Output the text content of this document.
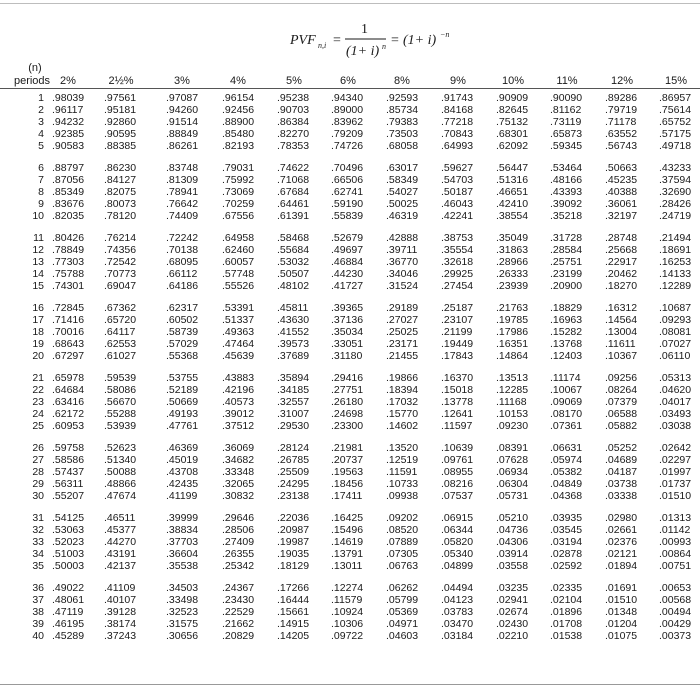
PVF n,i =
1
(1+ i) n = (1+ i) −n
(n)
periods 2%	2½%	3%	4%	5%	6%	8%	9%	10%	11%	12%	15%
1 .98039	.97561	.97087	.96154	.95238	.94340	.92593	.91743	.90909	.90090	.89286	.86957
2 .96117	.95181	.94260	.92456	.90703	.89000	.85734	.84168	.82645	.81162	.79719	.75614
3 .94232	.92860	.91514	.88900	.86384	.83962	.79383	.77218	.75132	.73119	.71178	.65752
4 .92385	.90595	.88849	.85480	.82270	.79209	.73503	.70843	.68301	.65873	.63552	.57175
5 .90583	.88385	.86261	.82193	.78353	.74726	.68058	.64993	.62092	.59345	.56743	.49718
6 .88797	.86230	.83748	.79031	.74622	.70496	.63017	.59627	.56447	.53464	.50663	.43233
7 .87056	.84127	.81309	.75992	.71068	.66506	.58349	.54703	.51316	.48166	.45235	.37594
8 .85349	.82075	.78941	.73069	.67684	.62741	.54027	.50187	.46651	.43393	.40388	.32690
9 .83676	.80073	.76642	.70259	.64461	.59190	.50025	.46043	.42410	.39092	.36061	.28426
10 .82035	.78120	.74409	.67556	.61391	.55839	.46319	.42241	.38554	.35218	.32197	.24719
11 .80426	.76214	.72242	.64958	.58468	.52679	.42888	.38753	.35049	.31728	.28748	.21494
12 .78849	.74356	.70138	.62460	.55684	.49697	.39711	.35554	.31863	.28584	.25668	.18691
13 .77303	.72542	.68095	.60057	.53032	.46884	.36770	.32618	.28966	.25751	.22917	.16253
14 .75788	.70773	.66112	.57748	.50507	.44230	.34046	.29925	.26333	.23199	.20462	.14133
15 .74301	.69047	.64186	.55526	.48102	.41727	.31524	.27454	.23939	.20900	.18270	.12289
16 .72845	.67362	.62317	.53391	.45811	.39365	.29189	.25187	.21763	.18829	.16312	.10687
17 .71416	.65720	.60502	.51337	.43630	.37136	.27027	.23107	.19785	.16963	.14564	.09293
18 .70016	.64117	.58739	.49363	.41552	.35034	.25025	.21199	.17986	.15282	.13004	.08081
19 .68643	.62553	.57029	.47464	.39573	.33051	.23171	.19449	.16351	.13768	.11611	.07027
20 .67297	.61027	.55368	.45639	.37689	.31180	.21455	.17843	.14864	.12403	.10367	.06110
21 .65978	.59539	.53755	.43883	.35894	.29416	.19866	.16370	.13513	.11174	.09256	.05313
22 .64684	.58086	.52189	.42196	.34185	.27751	.18394	.15018	.12285	.10067	.08264	.04620
23 .63416	.56670	.50669	.40573	.32557	.26180	.17032	.13778	.11168	.09069	.07379	.04017
24 .62172	.55288	.49193	.39012	.31007	.24698	.15770	.12641	.10153	.08170	.06588	.03493
25 .60953	.53939	.47761	.37512	.29530	.23300	.14602	.11597	.09230	.07361	.05882	.03038
26 .59758	.52623	.46369	.36069	.28124	.21981	.13520	.10639	.08391	.06631	.05252	.02642
27 .58586	.51340	.45019	.34682	.26785	.20737	.12519	.09761	.07628	.05974	.04689	.02297
28 .57437	.50088	.43708	.33348	.25509	.19563	.11591	.08955	.06934	.05382	.04187	.01997
29 .56311	.48866	.42435	.32065	.24295	.18456	.10733	.08216	.06304	.04849	.03738	.01737
30 .55207	.47674	.41199	.30832	.23138	.17411	.09938	.07537	.05731	.04368	.03338	.01510
31 .54125	.46511	.39999	.29646	.22036	.16425	.09202	.06915	.05210	.03935	.02980	.01313
32 .53063	.45377	.38834	.28506	.20987	.15496	.08520	.06344	.04736	.03545	.02661	.01142
33 .52023	.44270	.37703	.27409	.19987	.14619	.07889	.05820	.04306	.03194	.02376	.00993
34 .51003	.43191	.36604	.26355	.19035	.13791	.07305	.05340	.03914	.02878	.02121	.00864
35 .50003	.42137	.35538	.25342	.18129	.13011	.06763	.04899	.03558	.02592	.01894	.00751
36 .49022	.41109	.34503	.24367	.17266	.12274	.06262	.04494	.03235	.02335	.01691	.00653
37 .48061	.40107	.33498	.23430	.16444	.11579	.05799	.04123	.02941	.02104	.01510	.00568
38 .47119	.39128	.32523	.22529	.15661	.10924	.05369	.03783	.02674	.01896	.01348	.00494
39 .46195	.38174	.31575	.21662	.14915	.10306	.04971	.03470	.02430	.01708	.01204	.00429
40 .45289	.37243	.30656	.20829	.14205	.09722	.04603	.03184	.02210	.01538	.01075	.00373
